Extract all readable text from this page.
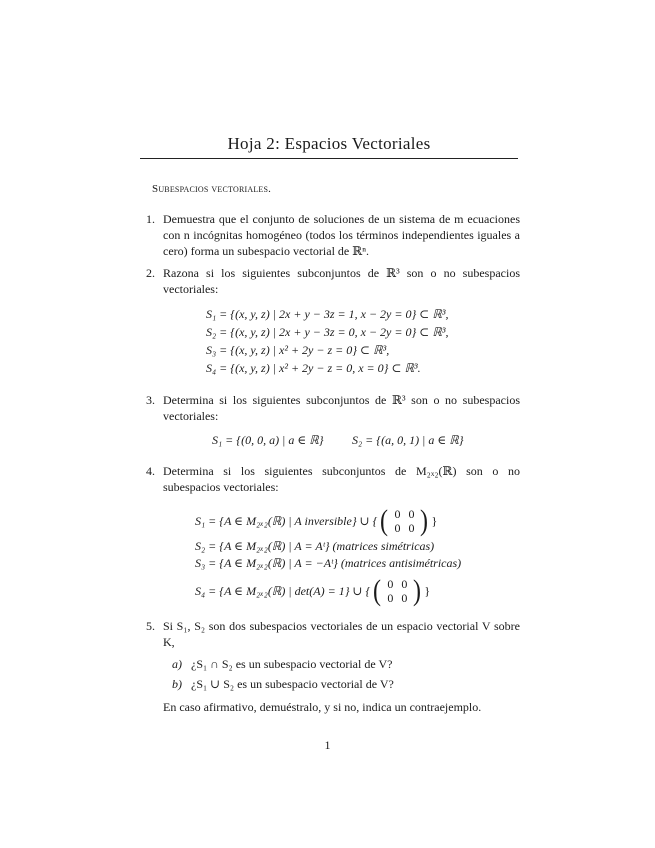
Hoja 2: Espacios Vectoriales
Subespacios vectoriales.
1. Demuestra que el conjunto de soluciones de un sistema de m ecuaciones con n incógnitas homogéneo (todos los términos independientes iguales a cero) forma un subespacio vectorial de ℝⁿ.
2. Razona si los siguientes subconjuntos de ℝ³ son o no subespacios vectoriales:
S₁ = {(x, y, z) | 2x + y − 3z = 1, x − 2y = 0} ⊂ ℝ³,
S₂ = {(x, y, z) | 2x + y − 3z = 0, x − 2y = 0} ⊂ ℝ³,
S₃ = {(x, y, z) | x² + 2y − z = 0} ⊂ ℝ³,
S₄ = {(x, y, z) | x² + 2y − z = 0, x = 0} ⊂ ℝ³.
3. Determina si los siguientes subconjuntos de ℝ³ son o no subespacios vectoriales:
S₁ = {(0, 0, a) | a ∈ ℝ} S₂ = {(a, 0, 1) | a ∈ ℝ}
4. Determina si los siguientes subconjuntos de M₂ₓ₂(ℝ) son o no subespacios vectoriales:
S₁ = {A ∈ M₂ₓ₂(ℝ) | A inversible} ∪ { ( 0 0
0 0 ) }
S₂ = {A ∈ M₂ₓ₂(ℝ) | A = Aᵗ} (matrices simétricas)
S₃ = {A ∈ M₂ₓ₂(ℝ) | A = −Aᵗ} (matrices antisimétricas)
S₄ = {A ∈ M₂ₓ₂(ℝ) | det(A) = 1} ∪ { ( 0 0
0 0 ) }
5. Si S₁, S₂ son dos subespacios vectoriales de un espacio vectorial V sobre K,
a) ¿S₁ ∩ S₂ es un subespacio vectorial de V?
b) ¿S₁ ∪ S₂ es un subespacio vectorial de V?
En caso afirmativo, demuéstralo, y si no, indica un contraejemplo.
1
